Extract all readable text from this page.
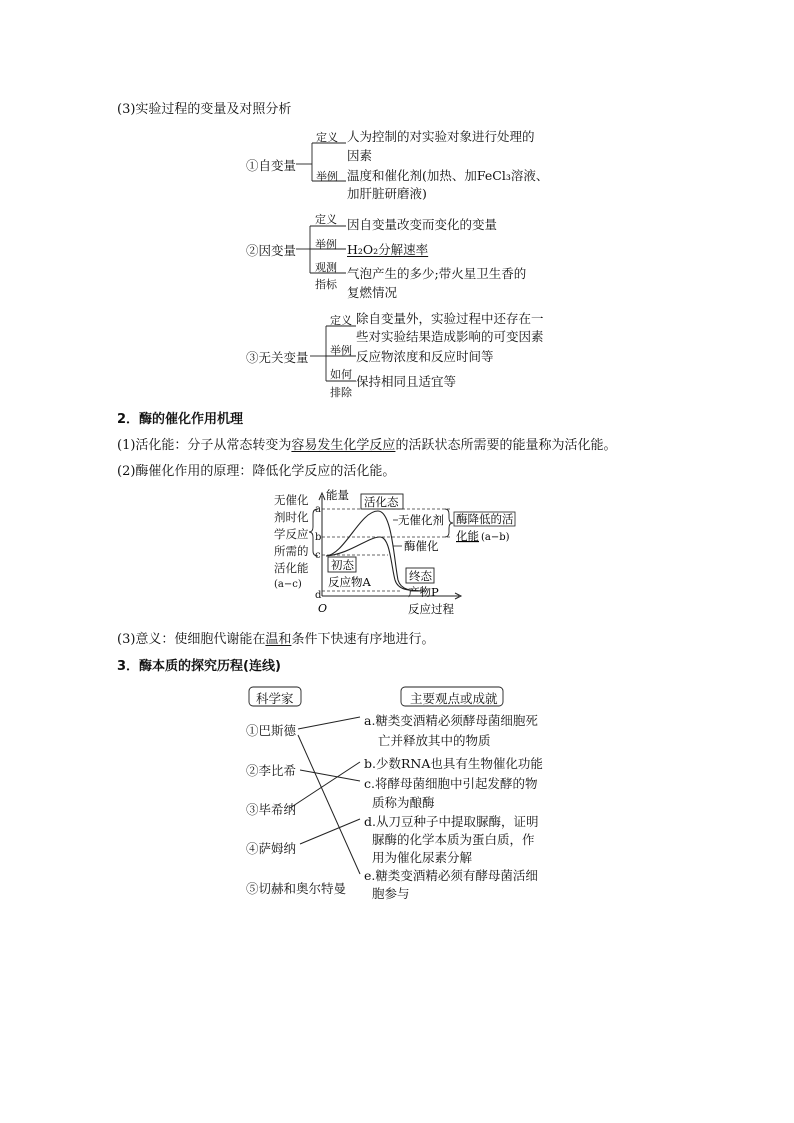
(3)实验过程的变量及对照分析
①自变量
定义 人为控制的对实验对象进行处理的
因素
举例 温度和催化剂(加热、加FeCl₃溶液、
加肝脏研磨液)
②因变量
定义 因自变量改变而变化的变量
举例 H₂O₂分解速率
观测
指标
气泡产生的多少;带火星卫生香的
复燃情况
③无关变量
定义 除自变量外，实验过程中还存在一
些对实验结果造成影响的可变因素
举例 反应物浓度和反应时间等
如何
排除
保持相同且适宜等
2．酶的催化作用机理
(1)活化能：分子从常态转变为容易发生化学反应的活跃状态所需要的能量称为活化能。
(2)酶催化作用的原理：降低化学反应的活化能。
无催化
剂时化
学反应
所需的
活化能
(a−c)
能量
O	反应过程
a
b
c
d
活化态
无催化剂
酶催化
酶降低的活
化能 (a−b)
初态
反应物A	终态
产物P
(3)意义：使细胞代谢能在温和条件下快速有序地进行。
3．酶本质的探究历程(连线)
科学家	主要观点或成就
①巴斯德
②李比希
③毕希纳
④萨姆纳
⑤切赫和奥尔特曼
a.糖类变酒精必须酵母菌细胞死
亡并释放其中的物质
b.少数RNA也具有生物催化功能
c.将酵母菌细胞中引起发酵的物
质称为酿酶
d.从刀豆种子中提取脲酶，证明
脲酶的化学本质为蛋白质，作
用为催化尿素分解
e.糖类变酒精必须有酵母菌活细
胞参与
